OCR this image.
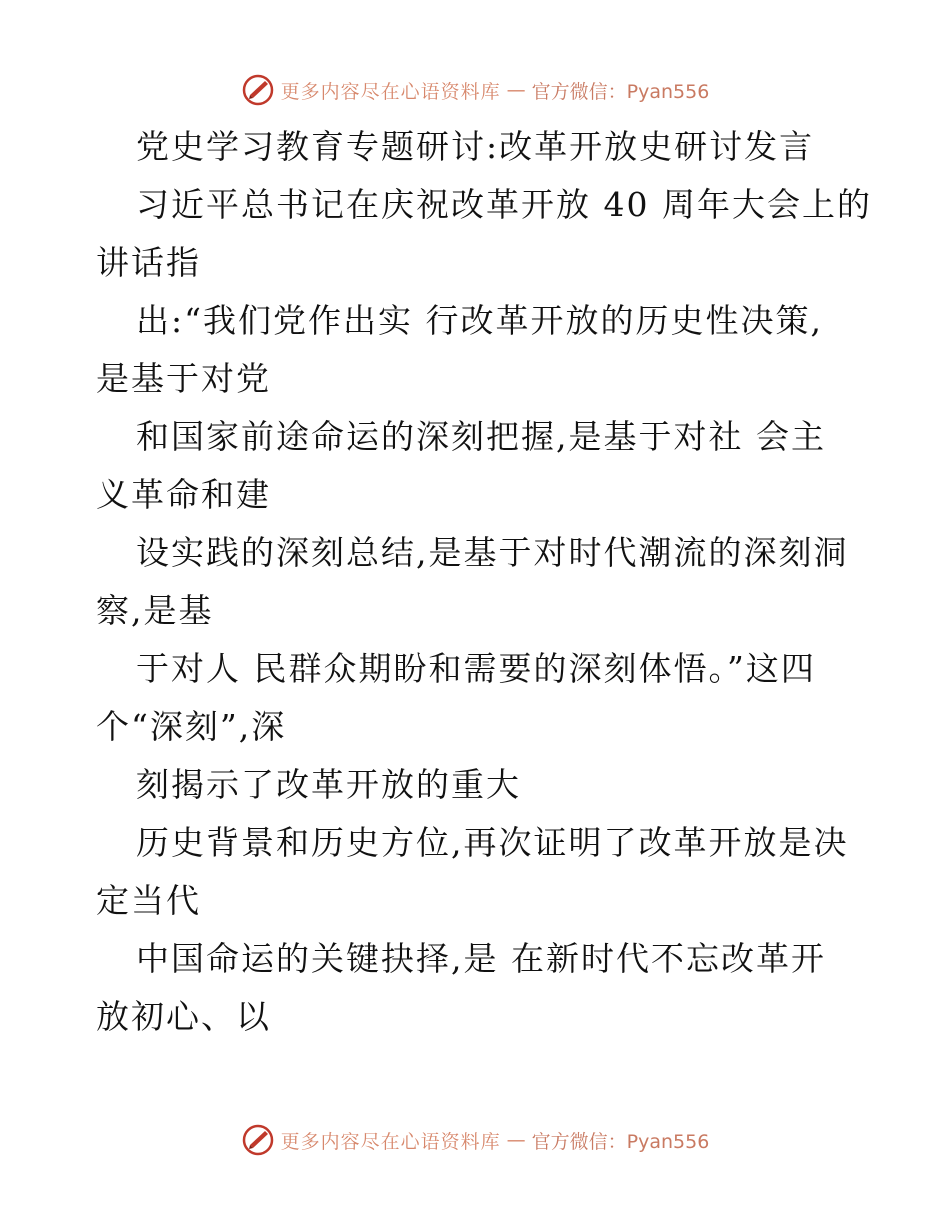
更多内容尽在心语资料库 — 官方微信：Pyan556
党史学习教育专题研讨:改革开放史研讨发言
习近平总书记在庆祝改革开放 40 周年大会上的
讲话指
出:“我们党作出实 行改革开放的历史性决策,
是基于对党
和国家前途命运的深刻把握,是基于对社 会主
义革命和建
设实践的深刻总结,是基于对时代潮流的深刻洞
察,是基
于对人 民群众期盼和需要的深刻体悟。”这四
个“深刻”,深
刻揭示了改革开放的重大
历史背景和历史方位,再次证明了改革开放是决
定当代
中国命运的关键抉择,是 在新时代不忘改革开
放初心、以
更多内容尽在心语资料库 — 官方微信：Pyan556
